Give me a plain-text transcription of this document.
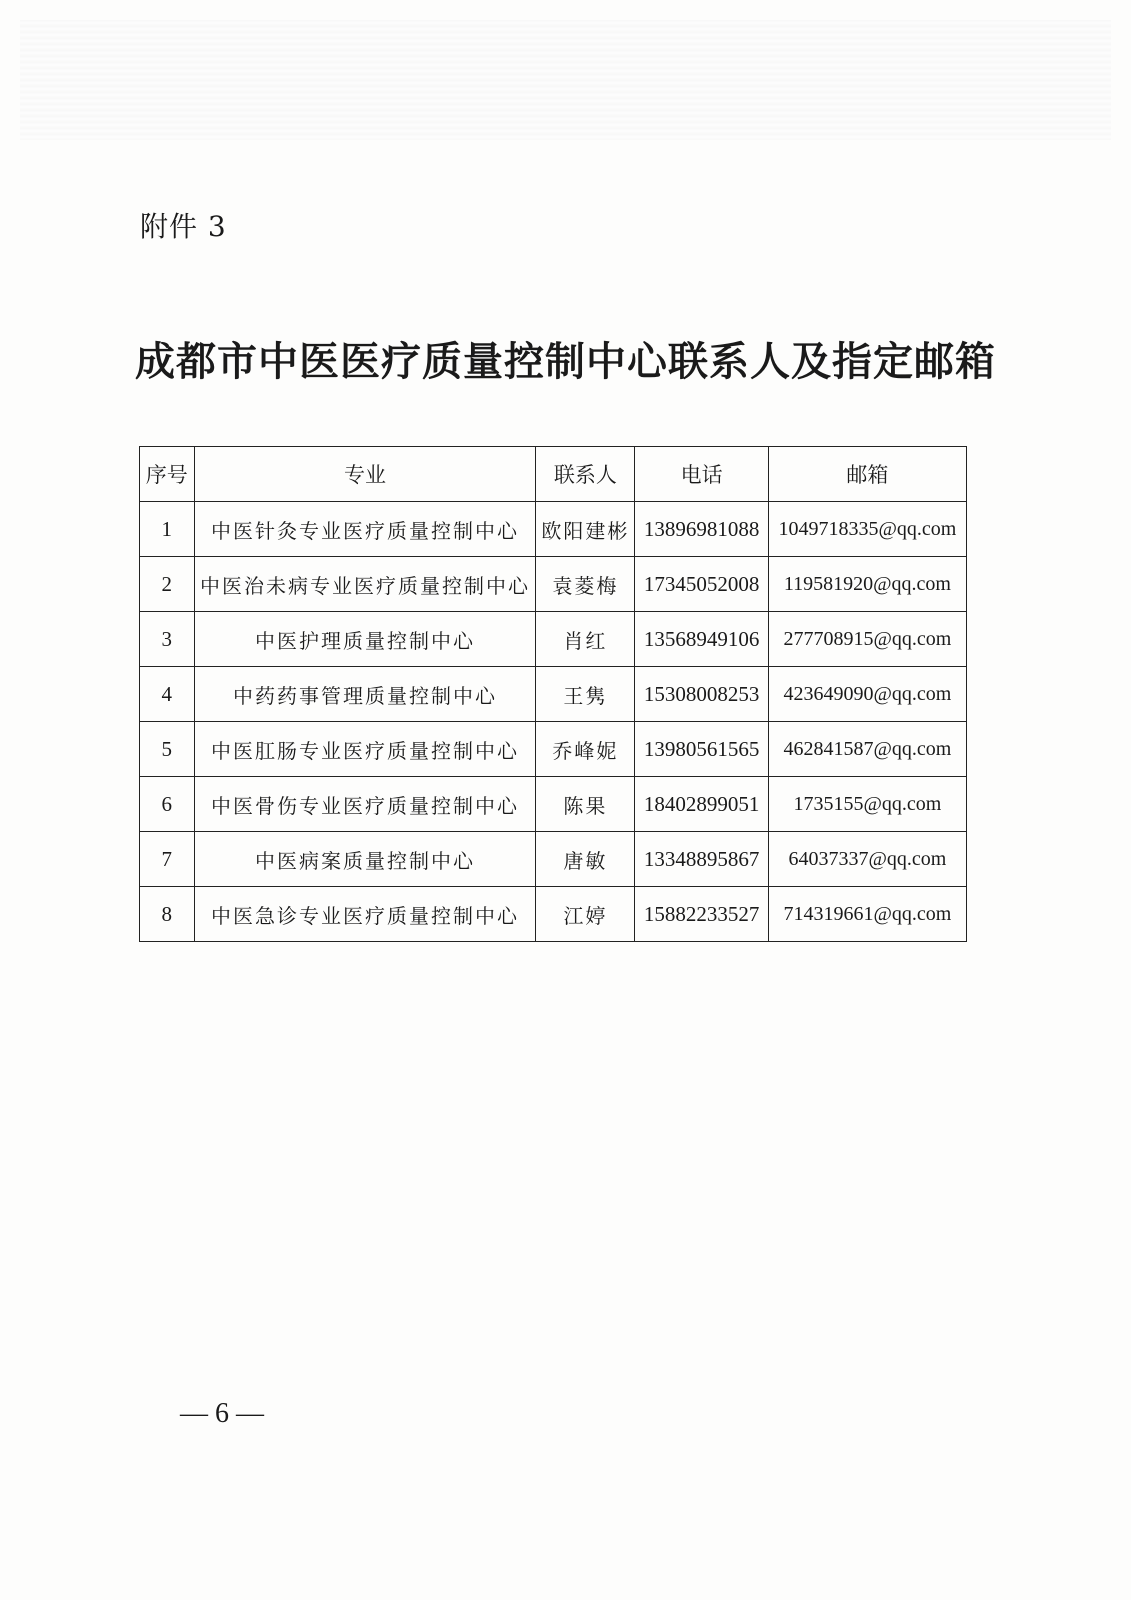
附件 3
成都市中医医疗质量控制中心联系人及指定邮箱
序号	专业	联系人	电话	邮箱
1	中医针灸专业医疗质量控制中心	欧阳建彬	13896981088	1049718335@qq.com
2	中医治未病专业医疗质量控制中心	袁菱梅	17345052008	119581920@qq.com
3	中医护理质量控制中心	肖红	13568949106	277708915@qq.com
4	中药药事管理质量控制中心	王隽	15308008253	423649090@qq.com
5	中医肛肠专业医疗质量控制中心	乔峰妮	13980561565	462841587@qq.com
6	中医骨伤专业医疗质量控制中心	陈果	18402899051	1735155@qq.com
7	中医病案质量控制中心	唐敏	13348895867	64037337@qq.com
8	中医急诊专业医疗质量控制中心	江婷	15882233527	714319661@qq.com
— 6 —
